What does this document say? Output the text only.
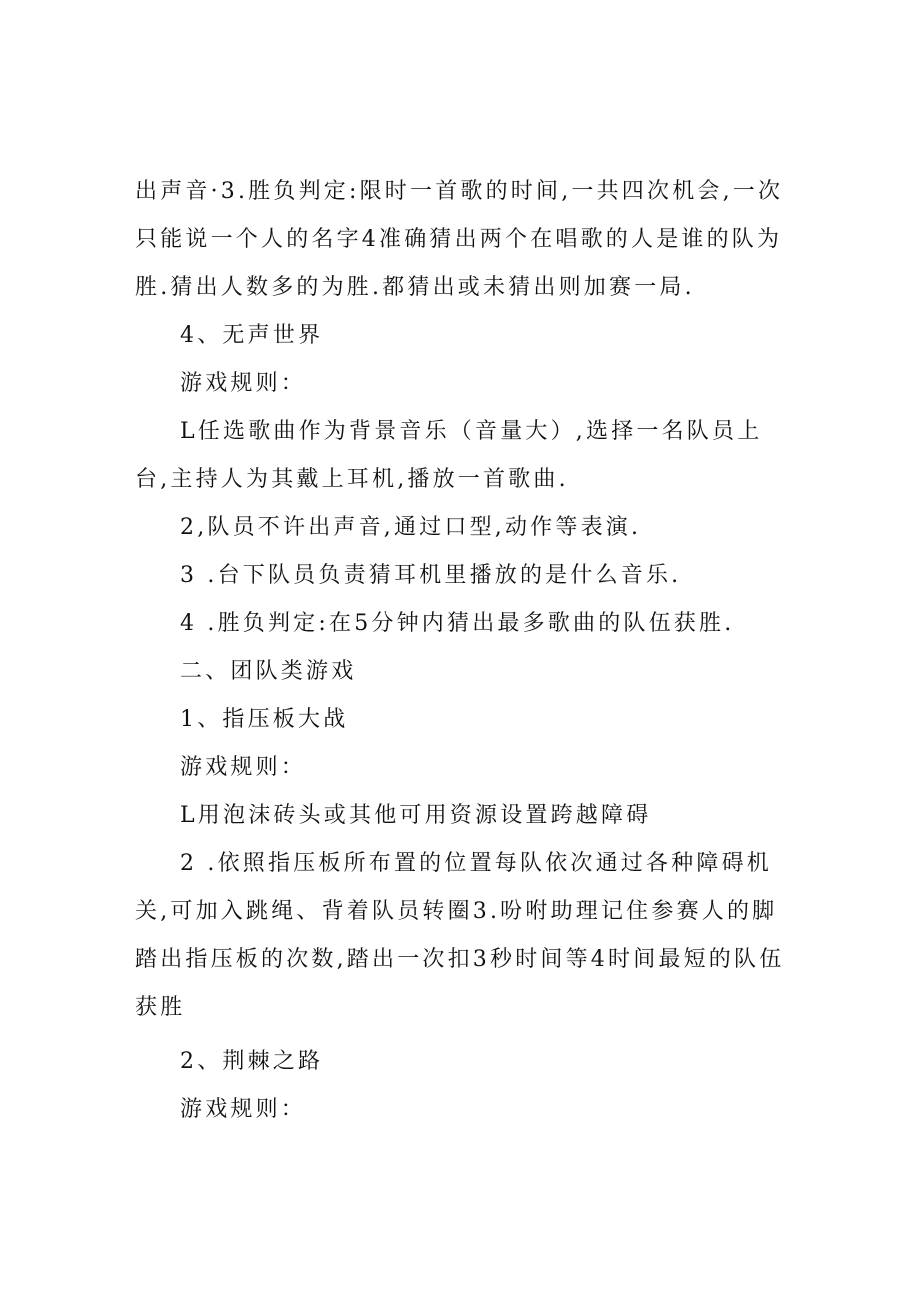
出声音·3.胜负判定:限时一首歌的时间,一共四次机会,一次只能说一个人的名字4准确猜出两个在唱歌的人是谁的队为胜.猜出人数多的为胜.都猜出或未猜出则加赛一局.

4、无声世界

游戏规则：

L任选歌曲作为背景音乐（音量大）,选择一名队员上台,主持人为其戴上耳机,播放一首歌曲.

2,队员不许出声音,通过口型,动作等表演.

3 .台下队员负责猜耳机里播放的是什么音乐.

4 .胜负判定:在5分钟内猜出最多歌曲的队伍获胜.

二、团队类游戏

1、指压板大战

游戏规则：

L用泡沫砖头或其他可用资源设置跨越障碍

2 .依照指压板所布置的位置每队依次通过各种障碍机关,可加入跳绳、背着队员转圈3.吩咐助理记住参赛人的脚踏出指压板的次数,踏出一次扣3秒时间等4时间最短的队伍获胜

2、荆棘之路

游戏规则：
